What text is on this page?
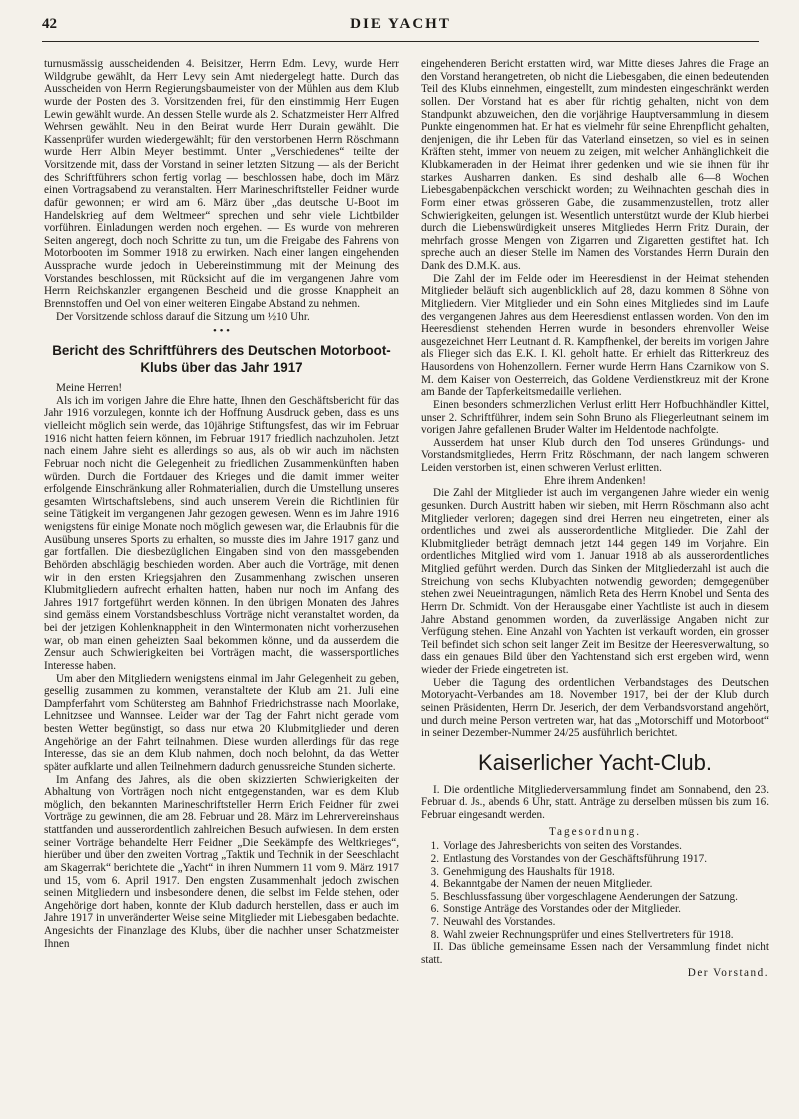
42	DIE YACHT

turnusmässig ausscheidenden 4. Beisitzer, Herrn Edm. Levy, wurde Herr Wildgrube gewählt, da Herr Levy sein Amt niedergelegt hatte. Durch das Ausscheiden von Herrn Regierungsbaumeister von der Mühlen aus dem Klub wurde der Posten des 3. Vorsitzenden frei, für den einstimmig Herr Eugen Lewin gewählt wurde. An dessen Stelle wurde als 2. Schatzmeister Herr Alfred Wehrsen gewählt. Neu in den Beirat wurde Herr Durain gewählt. Die Kassenprüfer wurden wiedergewählt; für den verstorbenen Herrn Röschmann wurde Herr Albin Meyer bestimmt. Unter „Verschiedenes“ teilte der Vorsitzende mit, dass der Vorstand in seiner letzten Sitzung — als der Bericht des Schriftführers schon fertig vorlag — beschlossen habe, doch im März einen Vortragsabend zu veranstalten. Herr Marineschriftsteller Feidner wurde dafür gewonnen; er wird am 6. März über „das deutsche U-Boot im Handelskrieg auf dem Weltmeer“ sprechen und sehr viele Lichtbilder vorführen. Einladungen werden noch ergehen. — Es wurde von mehreren Seiten angeregt, doch noch Schritte zu tun, um die Freigabe des Fahrens von Motorbooten im Sommer 1918 zu erwirken. Nach einer langen eingehenden Aussprache wurde jedoch in Uebereinstimmung mit der Meinung des Vorstandes beschlossen, mit Rücksicht auf die im vergangenen Jahre vom Herrn Reichskanzler ergangenen Bescheid und die grosse Knappheit an Brennstoffen und Oel von einer weiteren Eingabe Abstand zu nehmen.

Der Vorsitzende schloss darauf die Sitzung um ½10 Uhr.

• • •
Bericht des Schriftführers des Deutschen Motorboot-Klubs über das Jahr 1917

Meine Herren!

Als ich im vorigen Jahre die Ehre hatte, Ihnen den Geschäftsbericht für das Jahr 1916 vorzulegen, konnte ich der Hoffnung Ausdruck geben, dass es uns vielleicht möglich sein werde, das 10jährige Stiftungsfest, das wir im Februar 1916 nicht hatten feiern können, im Februar 1917 friedlich nachzuholen. Jetzt nach einem Jahre sieht es allerdings so aus, als ob wir auch im nächsten Februar noch nicht die Gelegenheit zu friedlichen Zusammenkünften haben würden. Durch die Fortdauer des Krieges und die damit immer weiter erfolgende Einschränkung aller Rohmaterialien, durch die Umstellung unseres gesamten Wirtschaftslebens, sind auch unserem Verein die Richtlinien für seine Tätigkeit im vergangenen Jahr gezogen gewesen. Wenn es im Jahre 1916 wenigstens für einige Monate noch möglich gewesen war, die Erlaubnis für die Ausübung unseres Sports zu erhalten, so musste dies im Jahre 1917 ganz und gar fortfallen. Die diesbezüglichen Eingaben sind von den massgebenden Behörden abschlägig beschieden worden. Aber auch die Vorträge, mit denen wir in den ersten Kriegsjahren den Zusammenhang zwischen unseren Klubmitgliedern aufrecht erhalten hatten, haben nur noch im Anfang des Jahres 1917 fortgeführt werden können. In den übrigen Monaten des Jahres sind gemäss einem Vorstandsbeschluss Vorträge nicht veranstaltet worden, da bei der jetzigen Kohlenknappheit in den Wintermonaten nicht vorherzusehen war, ob man einen geheizten Saal bekommen könne, und da ausserdem die Zensur auch Schwierigkeiten bei Vorträgen macht, die wassersportliches Interesse haben.

Um aber den Mitgliedern wenigstens einmal im Jahr Gelegenheit zu geben, gesellig zusammen zu kommen, veranstaltete der Klub am 21. Juli eine Dampferfahrt vom Schütersteg am Bahnhof Friedrichstrasse nach Moorlake, Lehnitzsee und Wannsee. Leider war der Tag der Fahrt nicht gerade vom besten Wetter begünstigt, so dass nur etwa 20 Klubmitglieder und deren Angehörige an der Fahrt teilnahmen. Diese wurden allerdings für das rege Interesse, das sie an dem Klub nahmen, doch noch belohnt, da das Wetter später aufklarte und allen Teilnehmern dadurch genussreiche Stunden sicherte.

Im Anfang des Jahres, als die oben skizzierten Schwierigkeiten der Abhaltung von Vorträgen noch nicht entgegenstanden, war es dem Klub möglich, den bekannten Marineschriftsteller Herrn Erich Feidner für zwei Vorträge zu gewinnen, die am 28. Februar und 28. März im Lehrervereinshaus stattfanden und ausserordentlich zahlreichen Besuch aufwiesen. In dem ersten seiner Vorträge behandelte Herr Feidner „Die Seekämpfe des Weltkrieges“, hierüber und über den zweiten Vortrag „Taktik und Technik in der Seeschlacht am Skagerrak“ berichtete die „Yacht“ in ihren Nummern 11 vom 9. März 1917 und 15, vom 6. April 1917. Den engsten Zusammenhalt jedoch zwischen seinen Mitgliedern und insbesondere denen, die selbst im Felde stehen, oder Angehörige dort haben, konnte der Klub dadurch herstellen, dass er auch im Jahre 1917 in unveränderter Weise seine Mitglieder mit Liebesgaben bedachte. Angesichts der Finanzlage des Klubs, über die nachher unser Schatzmeister Ihnen

eingehenderen Bericht erstatten wird, war Mitte dieses Jahres die Frage an den Vorstand herangetreten, ob nicht die Liebesgaben, die einen bedeutenden Teil des Klubs einnehmen, eingestellt, zum mindesten eingeschränkt werden sollen. Der Vorstand hat es aber für richtig gehalten, nicht von dem Standpunkt abzuweichen, den die vorjährige Hauptversammlung in diesem Punkte eingenommen hat. Er hat es vielmehr für seine Ehrenpflicht gehalten, denjenigen, die ihr Leben für das Vaterland einsetzen, so viel es in seinen Kräften steht, immer von neuem zu zeigen, mit welcher Anhänglichkeit die Klubkameraden in der Heimat ihrer gedenken und wie sie ihnen für ihr starkes Ausharren danken. Es sind deshalb alle 6—8 Wochen Liebesgabenpäckchen verschickt worden; zu Weihnachten geschah dies in Form einer etwas grösseren Gabe, die zusammenzustellen, trotz aller Schwierigkeiten, gelungen ist. Wesentlich unterstützt wurde der Klub hierbei durch die Liebenswürdigkeit unseres Mitgliedes Herrn Fritz Durain, der mehrfach grosse Mengen von Zigarren und Zigaretten gestiftet hat. Ich spreche auch an dieser Stelle im Namen des Vorstandes Herrn Durain den Dank des D.M.K. aus.

Die Zahl der im Felde oder im Heeresdienst in der Heimat stehenden Mitglieder beläuft sich augenblicklich auf 28, dazu kommen 8 Söhne von Mitgliedern. Vier Mitglieder und ein Sohn eines Mitgliedes sind im Laufe des vergangenen Jahres aus dem Heeresdienst entlassen worden. Von den im Heeresdienst stehenden Herren wurde in besonders ehrenvoller Weise ausgezeichnet Herr Leutnant d. R. Kampfhenkel, der bereits im vorigen Jahre als Flieger sich das E.K. I. Kl. geholt hatte. Er erhielt das Ritterkreuz des Hausordens von Hohenzollern. Ferner wurde Herrn Hans Czarnikow von S. M. dem Kaiser von Oesterreich, das Goldene Verdienstkreuz mit der Krone am Bande der Tapferkeitsmedaille verliehen.

Einen besonders schmerzlichen Verlust erlitt Herr Hofbuchhändler Kittel, unser 2. Schriftführer, indem sein Sohn Bruno als Fliegerleutnant seinem im vorigen Jahre gefallenen Bruder Walter im Heldentode nachfolgte.

Ausserdem hat unser Klub durch den Tod unseres Gründungs- und Vorstandsmitgliedes, Herrn Fritz Röschmann, der nach langem schweren Leiden verstorben ist, einen schweren Verlust erlitten.

Ehre ihrem Andenken!

Die Zahl der Mitglieder ist auch im vergangenen Jahre wieder ein wenig gesunken. Durch Austritt haben wir sieben, mit Herrn Röschmann also acht Mitglieder verloren; dagegen sind drei Herren neu eingetreten, einer als ordentliches und zwei als ausserordentliche Mitglieder. Die Zahl der Klubmitglieder beträgt demnach jetzt 144 gegen 149 im Vorjahre. Ein ordentliches Mitglied wird vom 1. Januar 1918 ab als ausserordentliches Mitglied geführt werden. Durch das Sinken der Mitgliederzahl ist auch die Streichung von sechs Klubyachten notwendig geworden; demgegenüber stehen zwei Neueintragungen, nämlich Reta des Herrn Knobel und Senta des Herrn Dr. Schmidt. Von der Herausgabe einer Yachtliste ist auch in diesem Jahre Abstand genommen worden, da zuverlässige Angaben nicht zur Verfügung stehen. Eine Anzahl von Yachten ist verkauft worden, ein grosser Teil befindet sich schon seit langer Zeit im Besitze der Heeresverwaltung, so dass ein genaues Bild über den Yachtenstand sich erst ergeben wird, wenn wieder der Friede eingetreten ist.

Ueber die Tagung des ordentlichen Verbandstages des Deutschen Motoryacht-Verbandes am 18. November 1917, bei der der Klub durch seinen Präsidenten, Herrn Dr. Jeserich, der dem Verbandsvorstand angehört, und durch meine Person vertreten war, hat das „Motorschiff und Motorboot“ in seiner Dezember-Nummer 24/25 ausführlich berichtet.

Kaiserlicher Yacht-Club.

I. Die ordentliche Mitgliederversammlung findet am Sonnabend, den 23. Februar d. Js., abends 6 Uhr, statt. Anträge zu derselben müssen bis zum 16. Februar eingesandt werden.

Tagesordnung.
1. Vorlage des Jahresberichts von seiten des Vorstandes.
2. Entlastung des Vorstandes von der Geschäftsführung 1917.
3. Genehmigung des Haushalts für 1918.
4. Bekanntgabe der Namen der neuen Mitglieder.
5. Beschlussfassung über vorgeschlagene Aenderungen der Satzung.
6. Sonstige Anträge des Vorstandes oder der Mitglieder.
7. Neuwahl des Vorstandes.
8. Wahl zweier Rechnungsprüfer und eines Stellvertreters für 1918.

II. Das übliche gemeinsame Essen nach der Versammlung findet nicht statt.

Der Vorstand.
